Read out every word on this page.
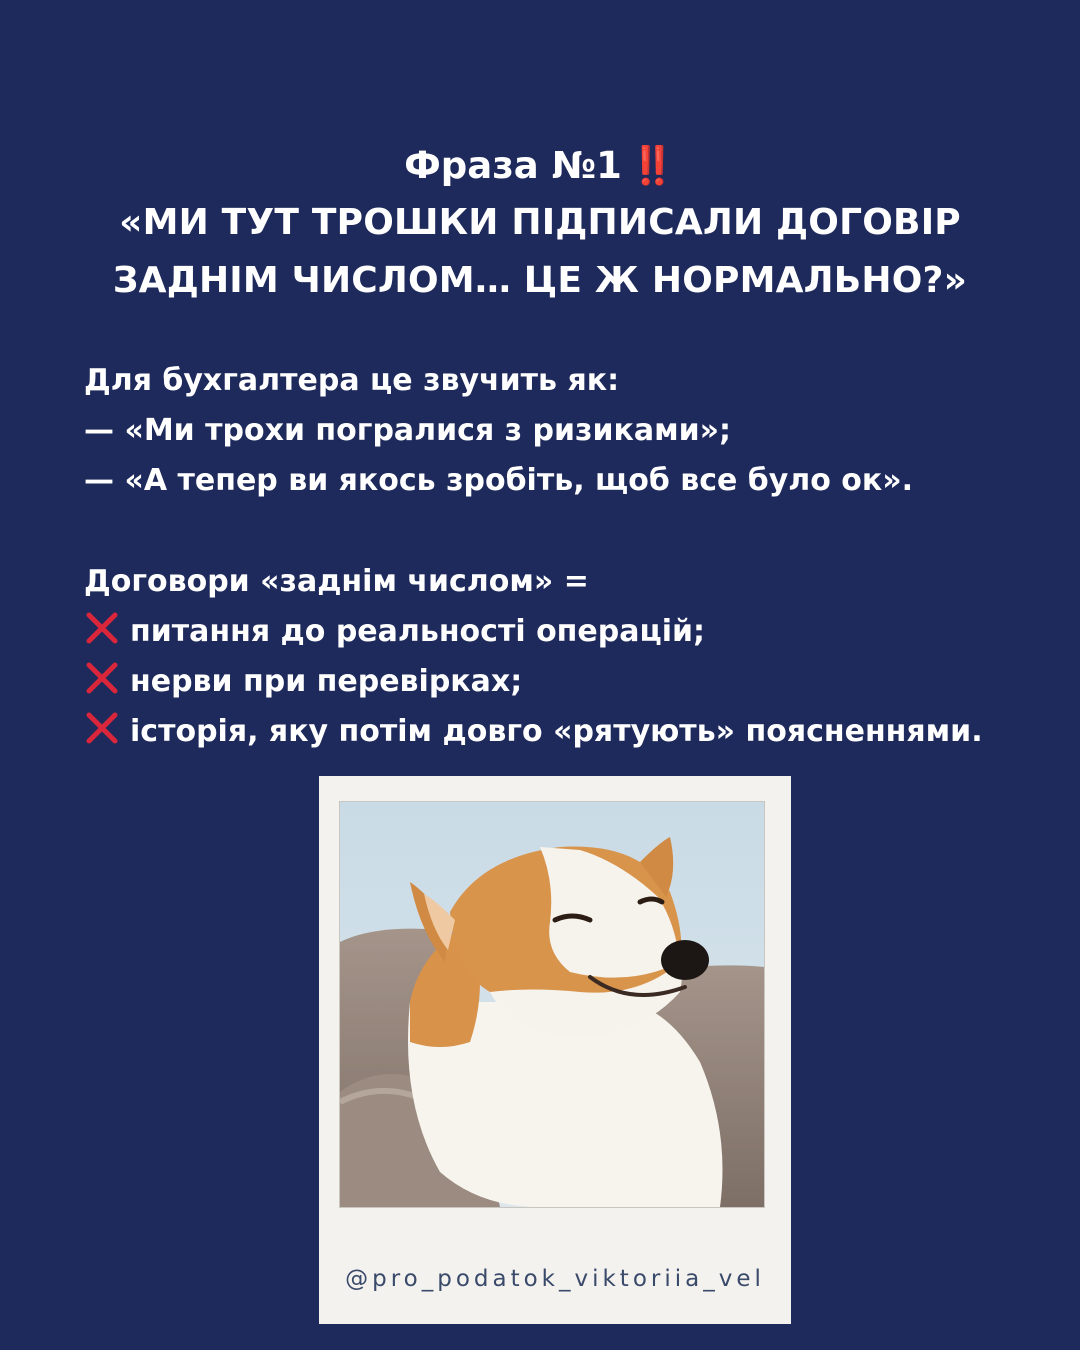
Фраза №1 ‼️
«МИ ТУТ ТРОШКИ ПІДПИСАЛИ ДОГОВІР
ЗАДНІМ ЧИСЛОМ… ЦЕ Ж НОРМАЛЬНО?»
Для бухгалтера це звучить як:
— «Ми трохи погралися з ризиками»;
— «А тепер ви якось зробіть, щоб все було ок».
Договори «заднім числом» =
питання до реальності операцій;
нерви при перевірках;
історія, яку потім довго «рятують» поясненнями.
@pro_podatok_viktoriia_vel
